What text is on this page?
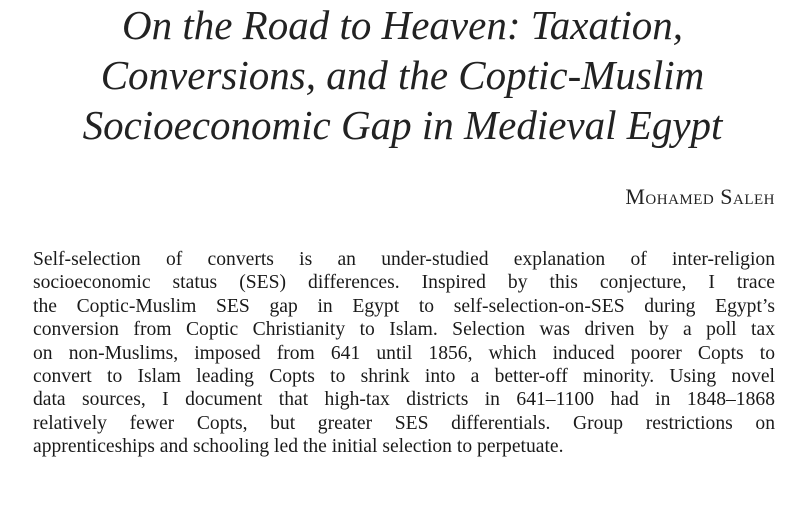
On the Road to Heaven: Taxation,
Conversions, and the Coptic-Muslim
Socioeconomic Gap in Medieval Egypt
Mohamed Saleh

Self-selection of converts is an under-studied explanation of inter-religion
socioeconomic status (SES) differences. Inspired by this conjecture, I trace
the Coptic-Muslim SES gap in Egypt to self-selection-on-SES during Egypt’s
conversion from Coptic Christianity to Islam. Selection was driven by a poll tax
on non-Muslims, imposed from 641 until 1856, which induced poorer Copts to
convert to Islam leading Copts to shrink into a better-off minority. Using novel
data sources, I document that high-tax districts in 641–1100 had in 1848–1868
relatively fewer Copts, but greater SES differentials. Group restrictions on
apprenticeships and schooling led the initial selection to perpetuate.
